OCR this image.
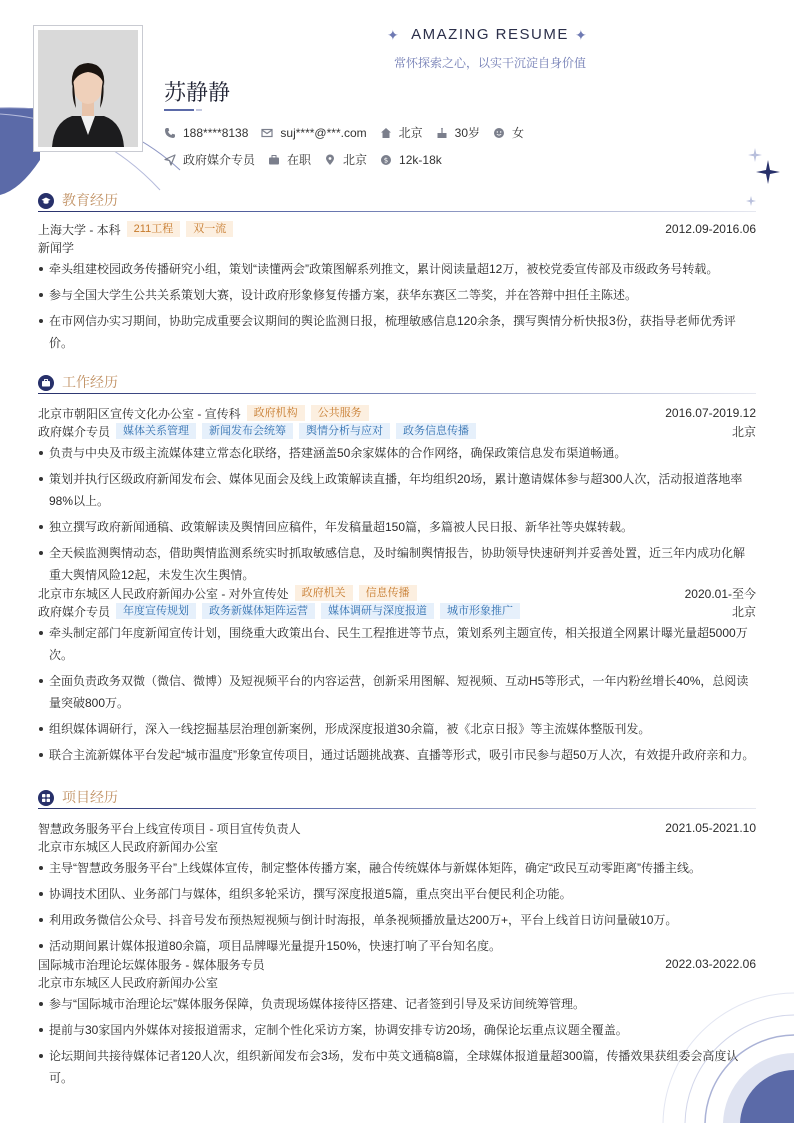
✦ AMAZING RESUME ✦
常怀探索之心，以实干沉淀自身价值
苏静静
188****8138	suj****@***.com	北京	30岁	女
政府媒介专员	在职	北京 $ 12k-18k
教育经历
上海大学 - 本科	211工程	双一流	2012.09-2016.06
新闻学
牵头组建校园政务传播研究小组，策划“读懂两会”政策图解系列推文，累计阅读量超12万，被校党委宣传部及市级政务号转载。
参与全国大学生公共关系策划大赛，设计政府形象修复传播方案，获华东赛区二等奖，并在答辩中担任主陈述。
在市网信办实习期间，协助完成重要会议期间的舆论监测日报，梳理敏感信息120余条，撰写舆情分析快报3份，获指导老师优秀评价。
工作经历
北京市朝阳区宣传文化办公室 - 宣传科	政府机构	公共服务	2016.07-2019.12
政府媒介专员	媒体关系管理	新闻发布会统筹	舆情分析与应对	政务信息传播	北京
负责与中央及市级主流媒体建立常态化联络，搭建涵盖50余家媒体的合作网络，确保政策信息发布渠道畅通。
策划并执行区级政府新闻发布会、媒体见面会及线上政策解读直播，年均组织20场，累计邀请媒体参与超300人次，活动报道落地率98%以上。
独立撰写政府新闻通稿、政策解读及舆情回应稿件，年发稿量超150篇，多篇被人民日报、新华社等央媒转载。
全天候监测舆情动态，借助舆情监测系统实时抓取敏感信息，及时编制舆情报告，协助领导快速研判并妥善处置，近三年内成功化解重大舆情风险12起，未发生次生舆情。
北京市东城区人民政府新闻办公室 - 对外宣传处	政府机关	信息传播	2020.01-至今
政府媒介专员	年度宣传规划	政务新媒体矩阵运营	媒体调研与深度报道	城市形象推广	北京
牵头制定部门年度新闻宣传计划，围绕重大政策出台、民生工程推进等节点，策划系列主题宣传，相关报道全网累计曝光量超5000万次。
全面负责政务双微（微信、微博）及短视频平台的内容运营，创新采用图解、短视频、互动H5等形式，一年内粉丝增长40%，总阅读量突破800万。
组织媒体调研行，深入一线挖掘基层治理创新案例，形成深度报道30余篇，被《北京日报》等主流媒体整版刊发。
联合主流新媒体平台发起“城市温度”形象宣传项目，通过话题挑战赛、直播等形式，吸引市民参与超50万人次，有效提升政府亲和力。
项目经历
智慧政务服务平台上线宣传项目 - 项目宣传负责人	2021.05-2021.10
北京市东城区人民政府新闻办公室
主导“智慧政务服务平台”上线媒体宣传，制定整体传播方案，融合传统媒体与新媒体矩阵，确定“政民互动零距离”传播主线。
协调技术团队、业务部门与媒体，组织多轮采访，撰写深度报道5篇，重点突出平台便民利企功能。
利用政务微信公众号、抖音号发布预热短视频与倒计时海报，单条视频播放量达200万+，平台上线首日访问量破10万。
活动期间累计媒体报道80余篇，项目品牌曝光量提升150%，快速打响了平台知名度。
国际城市治理论坛媒体服务 - 媒体服务专员	2022.03-2022.06
北京市东城区人民政府新闻办公室
参与“国际城市治理论坛”媒体服务保障，负责现场媒体接待区搭建、记者签到引导及采访间统筹管理。
提前与30家国内外媒体对接报道需求，定制个性化采访方案，协调安排专访20场，确保论坛重点议题全覆盖。
论坛期间共接待媒体记者120人次，组织新闻发布会3场，发布中英文通稿8篇，全球媒体报道量超300篇，传播效果获组委会高度认可。
